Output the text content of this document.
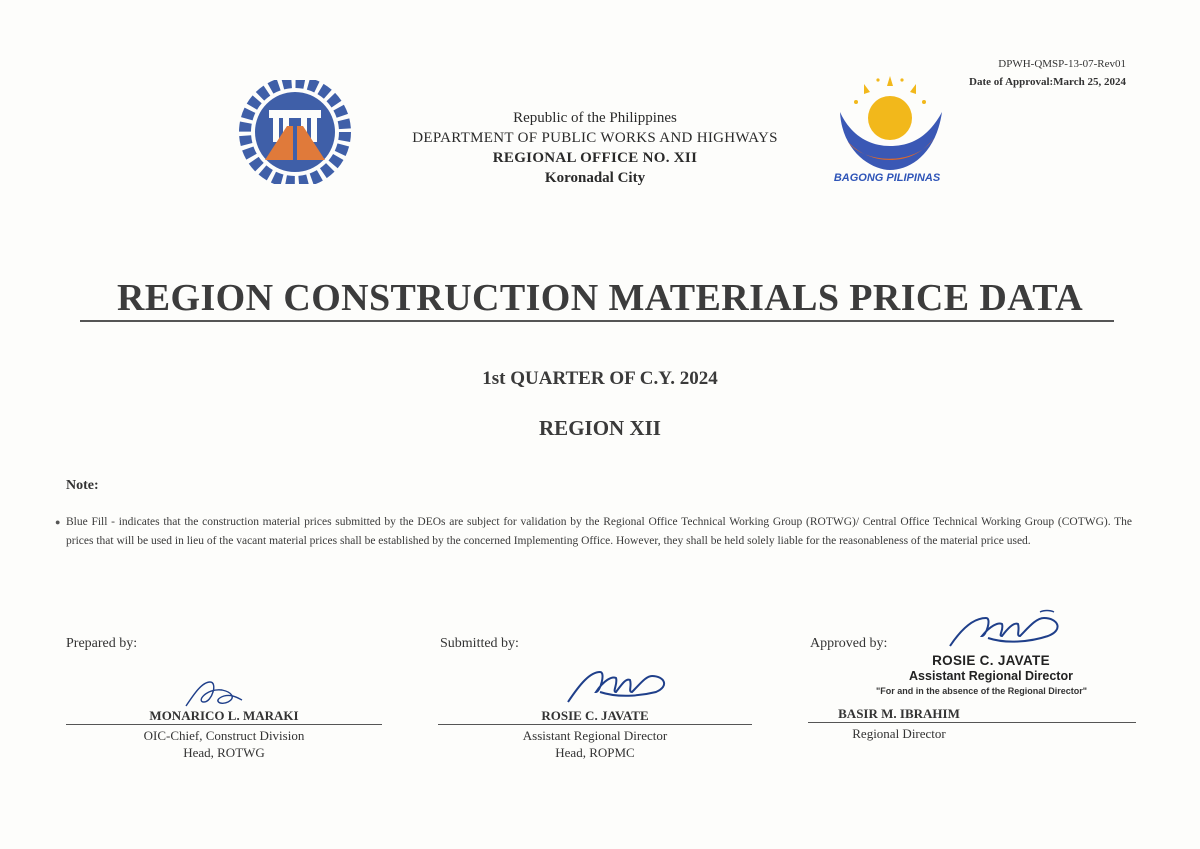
DPWH-QMSP-13-07-Rev01
Date of Approval:March 25, 2024
Republic of the Philippines
DEPARTMENT OF PUBLIC WORKS AND HIGHWAYS
REGIONAL OFFICE NO. XII
Koronadal City	BAGONG PILIPINAS
REGION CONSTRUCTION MATERIALS PRICE DATA
1st QUARTER OF C.Y. 2024
REGION XII
Note:
● Blue Fill - indicates that the construction material prices submitted by the DEOs are subject for validation by the Regional Office Technical Working Group (ROTWG)/ Central Office Technical Working Group (COTWG). The prices that will be used in lieu of the vacant material prices shall be established by the concerned Implementing Office. However, they shall be held solely liable for the reasonableness of the material price used.
Prepared by:
MONARICO L. MARAKI
OIC-Chief, Construct Division
Head, ROTWG
Submitted by:
ROSIE C. JAVATE
Assistant Regional Director
Head, ROPMC
Approved by:
ROSIE C. JAVATE
Assistant Regional Director
"For and in the absence of the Regional Director"
BASIR M. IBRAHIM
Regional Director
